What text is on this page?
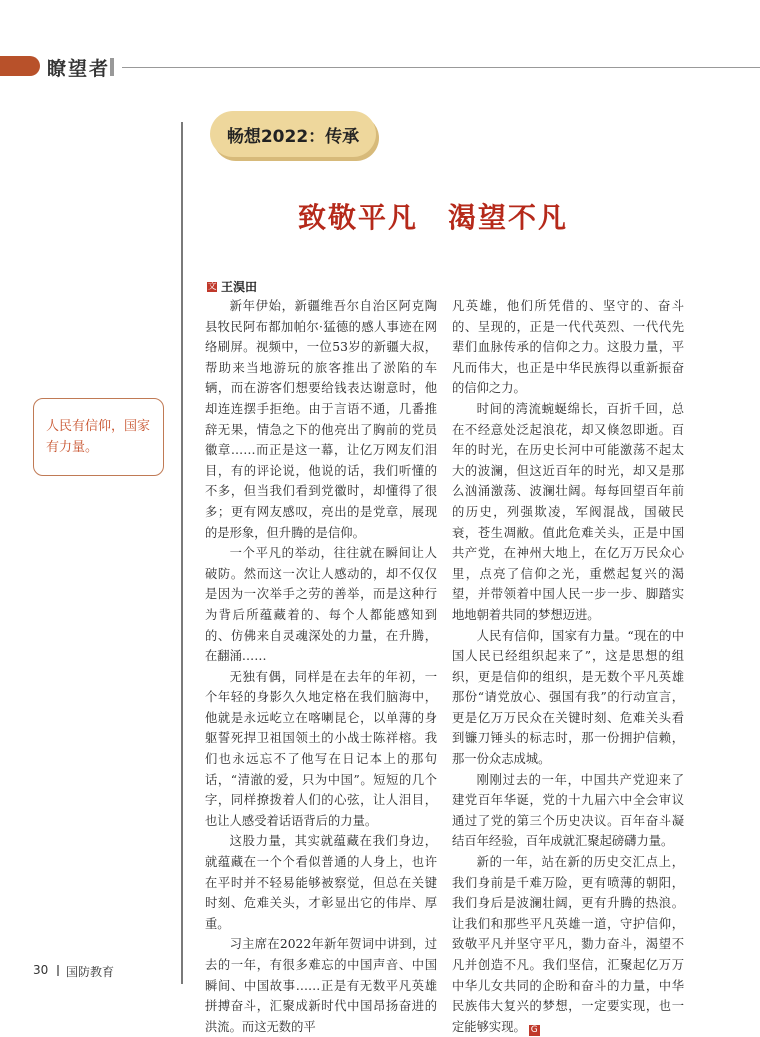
瞭望者
畅想2022：传承
致敬平凡　渴望不凡
文 王淏田
人民有信仰，国家有力量。

新年伊始，新疆维吾尔自治区阿克陶县牧民阿布都加帕尔·猛德的感人事迹在网络刷屏。视频中，一位53岁的新疆大叔，帮助来当地游玩的旅客推出了淤陷的车辆，而在游客们想要给钱表达谢意时，他却连连摆手拒绝。由于言语不通，几番推辞无果，情急之下的他亮出了胸前的党员徽章……而正是这一幕，让亿万网友们泪目，有的评论说，他说的话，我们听懂的不多，但当我们看到党徽时，却懂得了很多；更有网友感叹，亮出的是党章，展现的是形象，但升腾的是信仰。

一个平凡的举动，往往就在瞬间让人破防。然而这一次让人感动的，却不仅仅是因为一次举手之劳的善举，而是这种行为背后所蕴藏着的、每个人都能感知到的、仿佛来自灵魂深处的力量，在升腾，在翻涌……

无独有偶，同样是在去年的年初，一个年轻的身影久久地定格在我们脑海中，他就是永远屹立在喀喇昆仑，以单薄的身躯誓死捍卫祖国领土的小战士陈祥榕。我们也永远忘不了他写在日记本上的那句话，“清澈的爱，只为中国”。短短的几个字，同样撩拨着人们的心弦，让人泪目，也让人感受着话语背后的力量。

这股力量，其实就蕴藏在我们身边，就蕴藏在一个个看似普通的人身上，也许在平时并不轻易能够被察觉，但总在关键时刻、危难关头，才彰显出它的伟岸、厚重。

习主席在2022年新年贺词中讲到，过去的一年，有很多难忘的中国声音、中国瞬间、中国故事……正是有无数平凡英雄拼搏奋斗，汇聚成新时代中国昂扬奋进的洪流。而这无数的平

凡英雄，他们所凭借的、坚守的、奋斗的、呈现的，正是一代代英烈、一代代先辈们血脉传承的信仰之力。这股力量，平凡而伟大，也正是中华民族得以重新振奋的信仰之力。

时间的湾流蜿蜒绵长，百折千回，总在不经意处泛起浪花，却又倏忽即逝。百年的时光，在历史长河中可能激荡不起太大的波澜，但这近百年的时光，却又是那么汹涌激荡、波澜壮阔。每每回望百年前的历史，列强欺凌，军阀混战，国破民衰，苍生凋敝。值此危难关头，正是中国共产党，在神州大地上，在亿万万民众心里，点亮了信仰之光，重燃起复兴的渴望，并带领着中国人民一步一步、脚踏实地地朝着共同的梦想迈进。

人民有信仰，国家有力量。“现在的中国人民已经组织起来了”，这是思想的组织，更是信仰的组织，是无数个平凡英雄那份“请党放心、强国有我”的行动宣言，更是亿万万民众在关键时刻、危难关头看到镰刀锤头的标志时，那一份拥护信赖，那一份众志成城。

刚刚过去的一年，中国共产党迎来了建党百年华诞，党的十九届六中全会审议通过了党的第三个历史决议。百年奋斗凝结百年经验，百年成就汇聚起磅礴力量。

新的一年，站在新的历史交汇点上，我们身前是千难万险，更有喷薄的朝阳，我们身后是波澜壮阔，更有升腾的热浪。让我们和那些平凡英雄一道，守护信仰，致敬平凡并坚守平凡，勠力奋斗，渴望不凡并创造不凡。我们坚信，汇聚起亿万万中华儿女共同的企盼和奋斗的力量，中华民族伟大复兴的梦想，一定要实现，也一定能够实现。 G

30 国防教育
